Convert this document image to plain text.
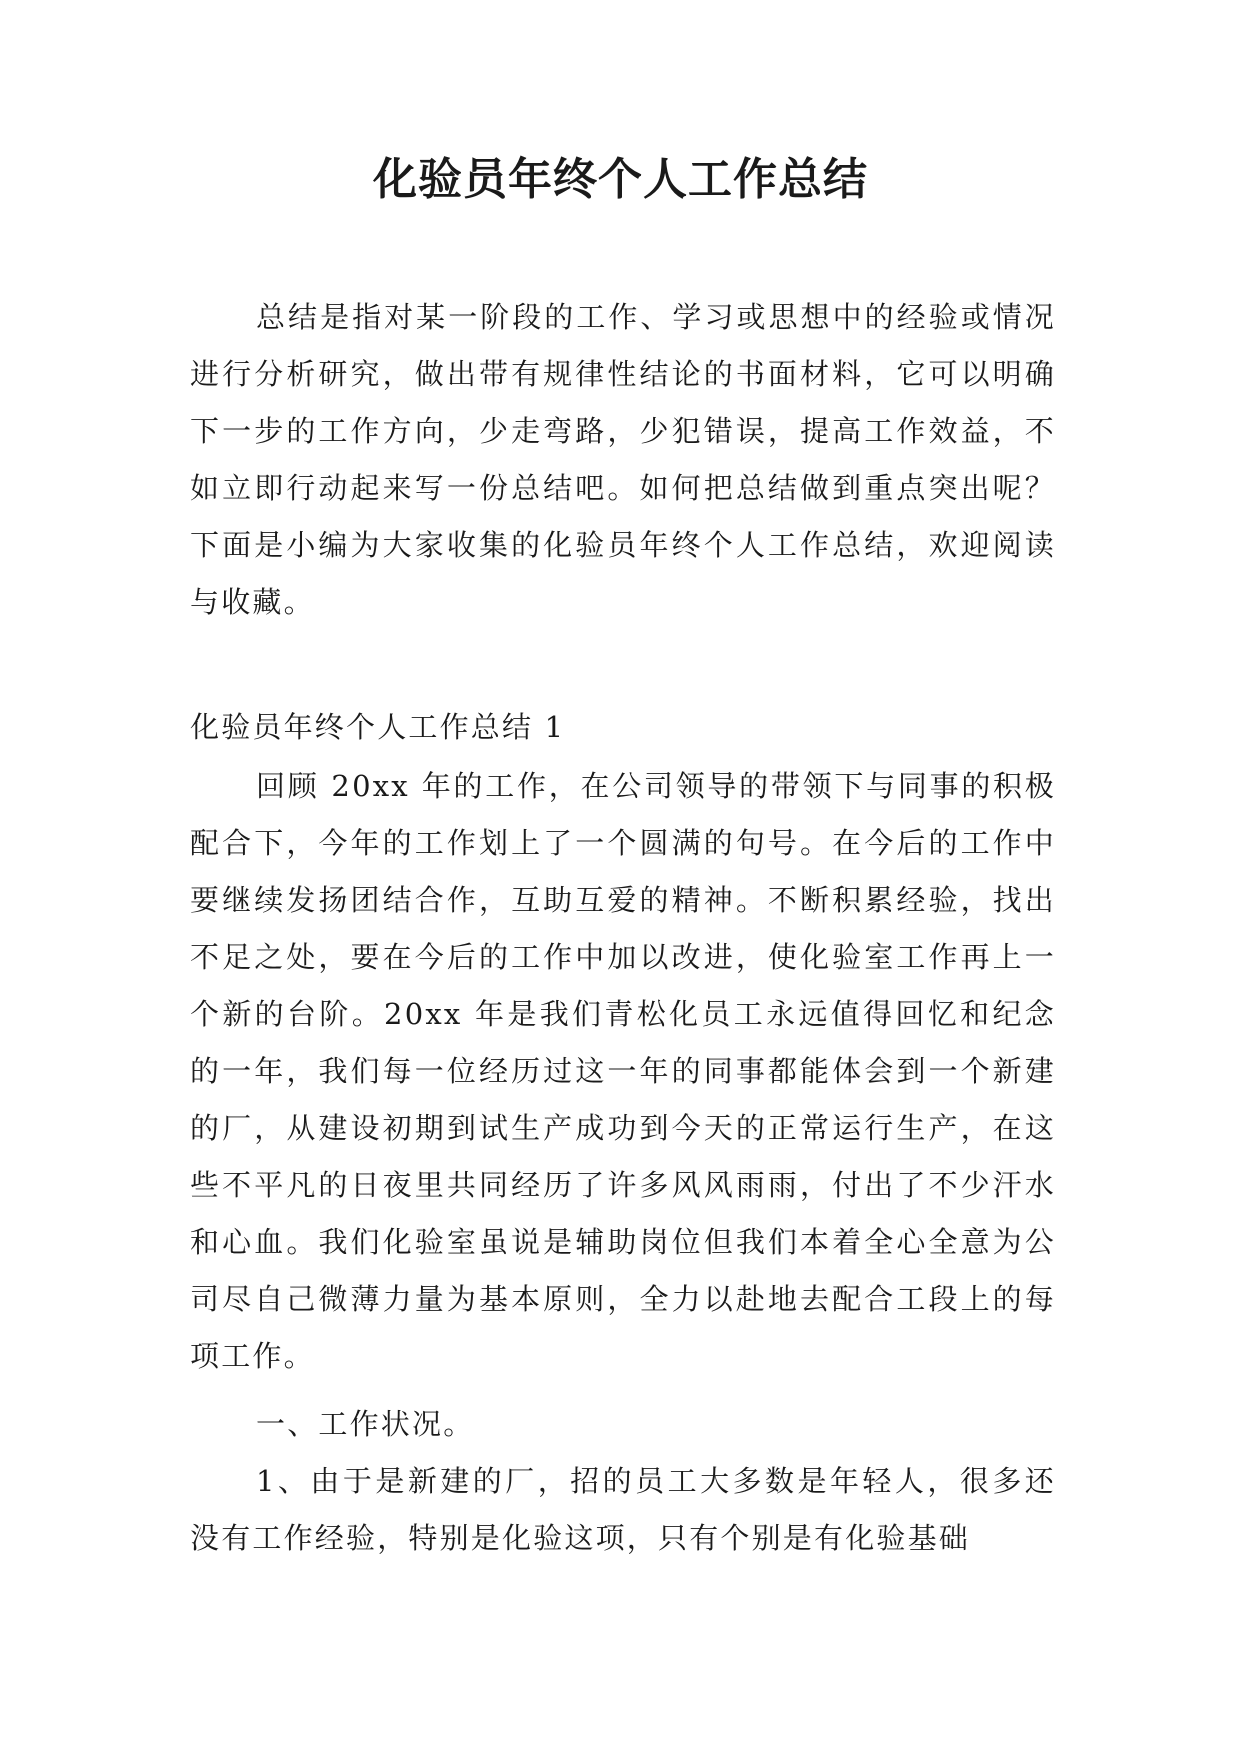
化验员年终个人工作总结

总结是指对某一阶段的工作、学习或思想中的经验或情况进行分析研究，做出带有规律性结论的书面材料，它可以明确下一步的工作方向，少走弯路，少犯错误，提高工作效益，不如立即行动起来写一份总结吧。如何把总结做到重点突出呢？下面是小编为大家收集的化验员年终个人工作总结，欢迎阅读与收藏。

化验员年终个人工作总结 1

回顾 20xx 年的工作，在公司领导的带领下与同事的积极配合下，今年的工作划上了一个圆满的句号。在今后的工作中要继续发扬团结合作，互助互爱的精神。不断积累经验，找出不足之处，要在今后的工作中加以改进，使化验室工作再上一个新的台阶。20xx 年是我们青松化员工永远值得回忆和纪念的一年，我们每一位经历过这一年的同事都能体会到一个新建的厂，从建设初期到试生产成功到今天的正常运行生产，在这些不平凡的日夜里共同经历了许多风风雨雨，付出了不少汗水和心血。我们化验室虽说是辅助岗位但我们本着全心全意为公司尽自己微薄力量为基本原则，全力以赴地去配合工段上的每项工作。

一、工作状况。

1、由于是新建的厂，招的员工大多数是年轻人，很多还没有工作经验，特别是化验这项，只有个别是有化验基础
